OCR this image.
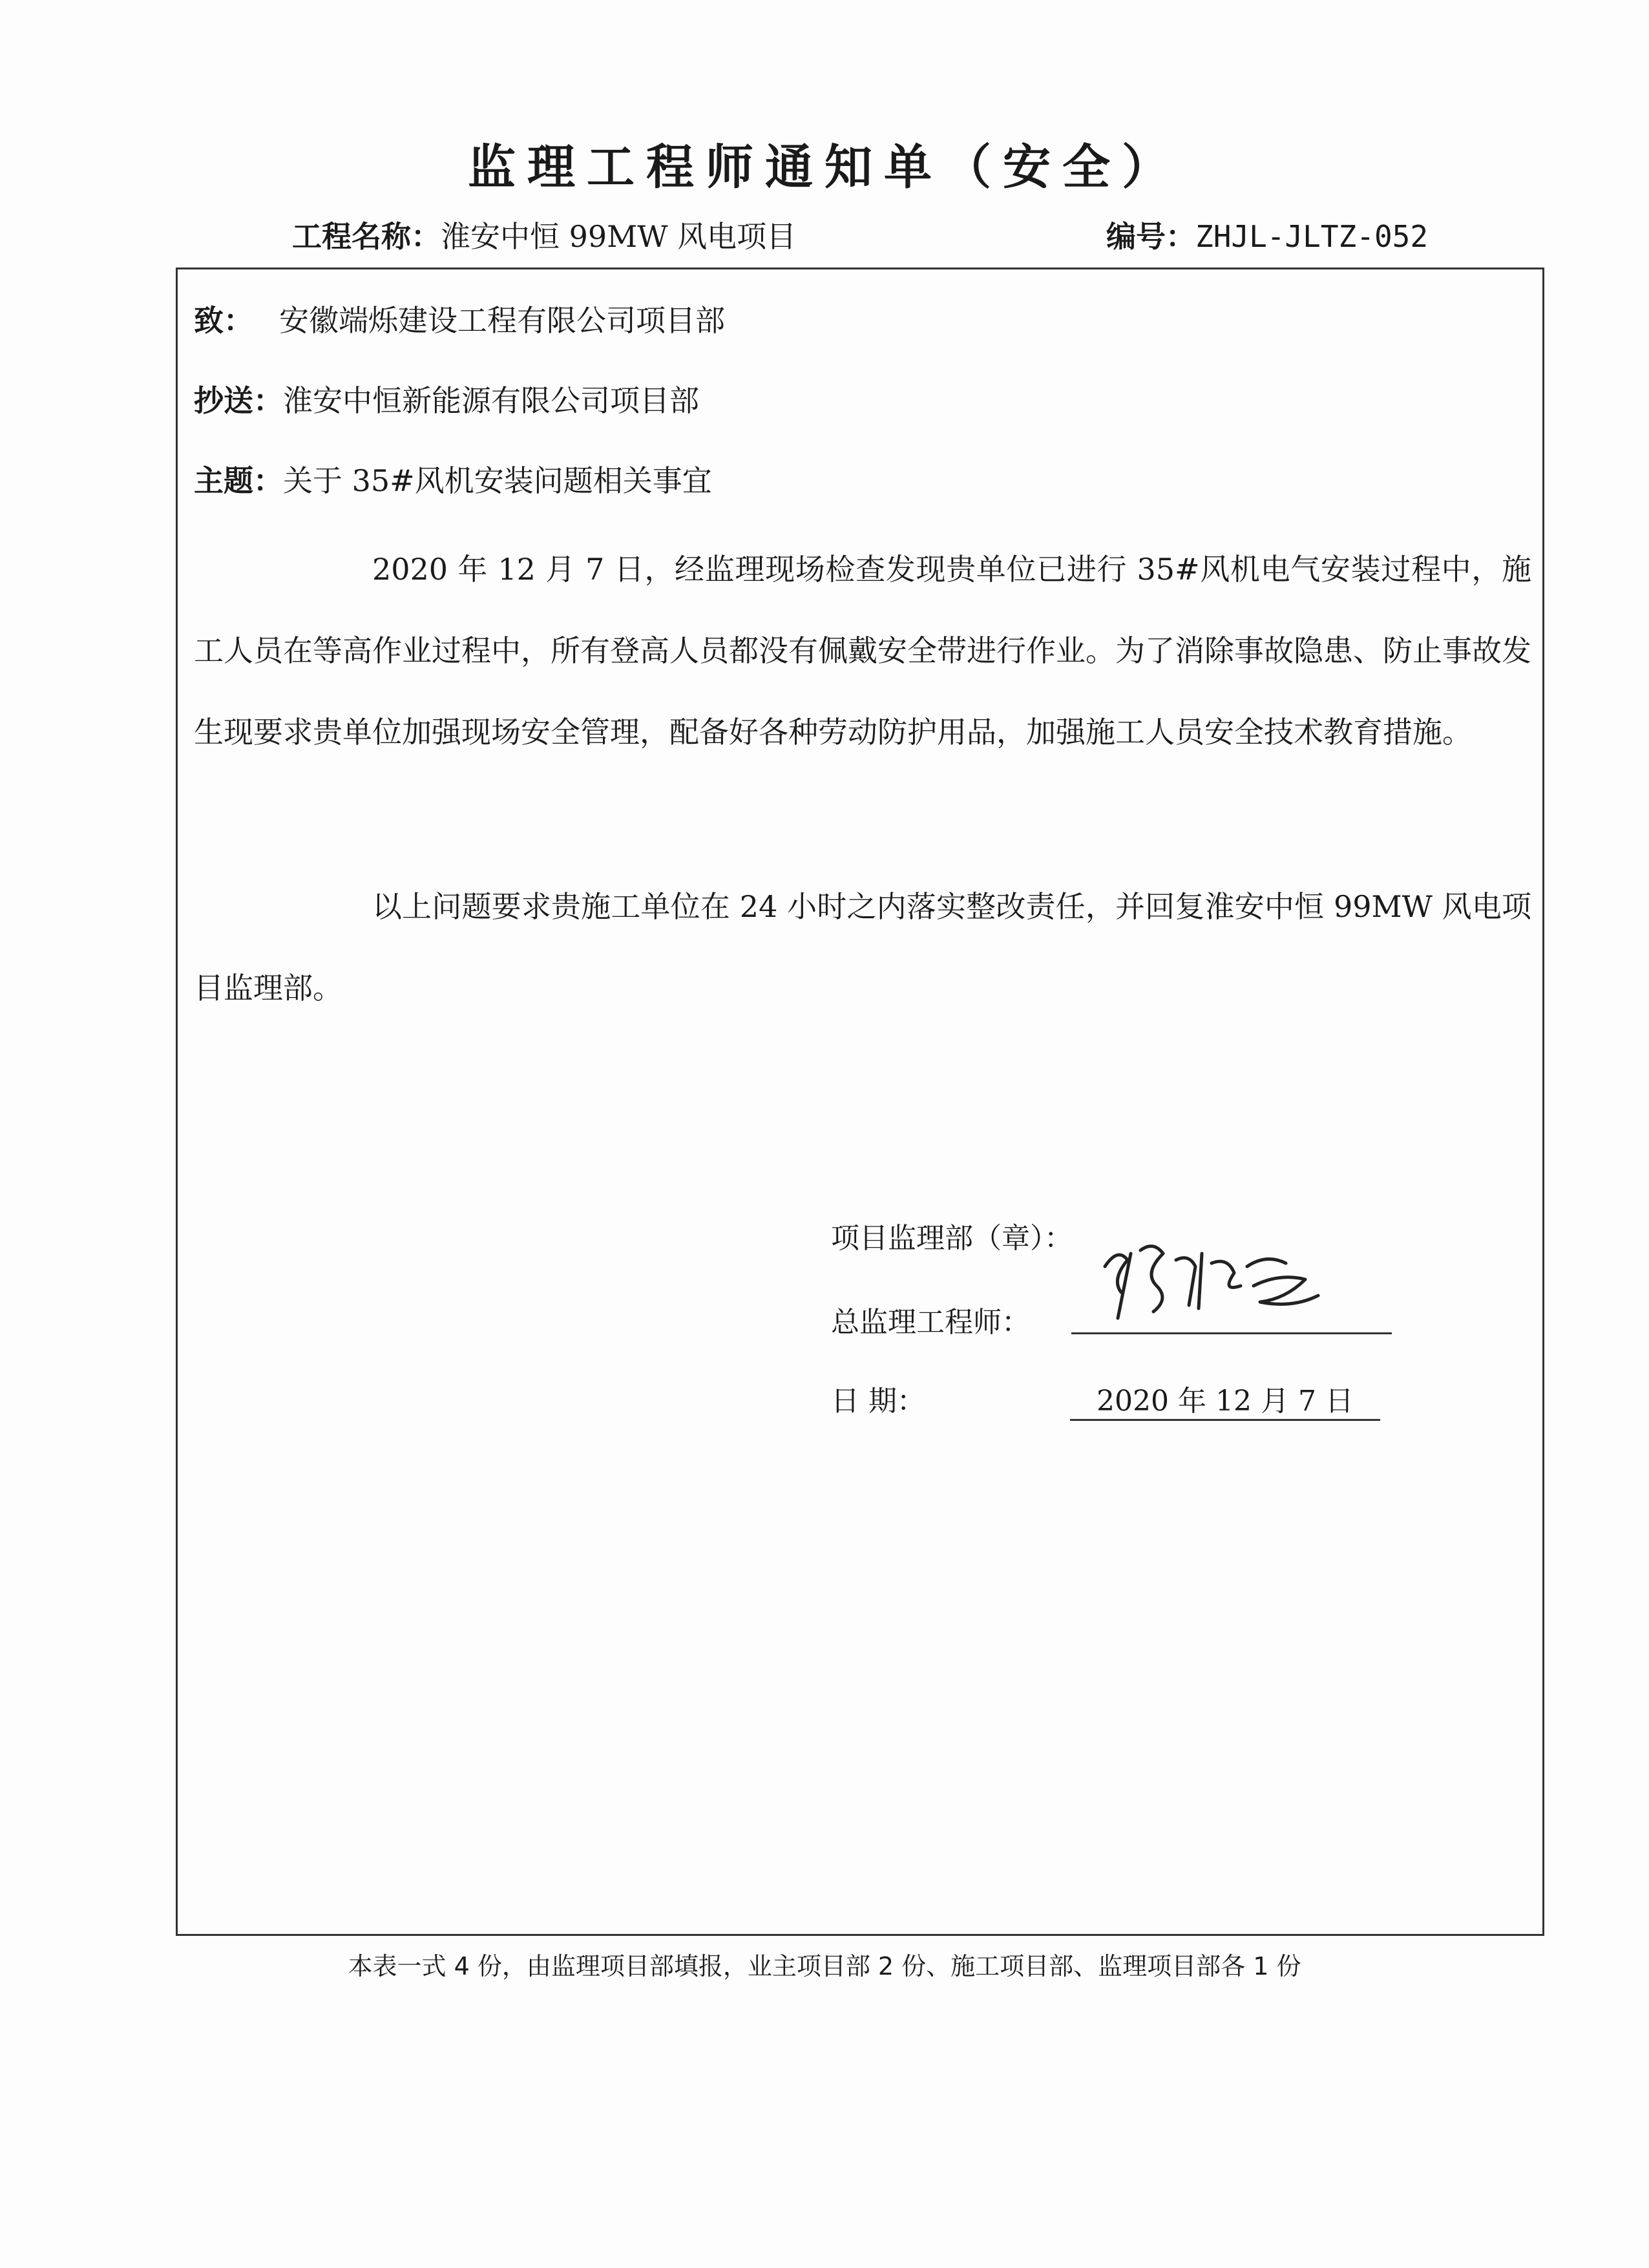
监理工程师通知单（安全）
工程名称：淮安中恒 99MW 风电项目	编号：ZHJL-JLTZ-052
致： 安徽端烁建设工程有限公司项目部
抄送：淮安中恒新能源有限公司项目部
主题：关于 35#风机安装问题相关事宜
2020 年 12 月 7 日，经监理现场检查发现贵单位已进行 35#风机电气安装过程中，施工人员在等高作业过程中，所有登高人员都没有佩戴安全带进行作业。为了消除事故隐患、防止事故发生现要求贵单位加强现场安全管理，配备好各种劳动防护用品，加强施工人员安全技术教育措施。
以上问题要求贵施工单位在 24 小时之内落实整改责任，并回复淮安中恒 99MW 风电项目监理部。
项目监理部（章）：
总监理工程师：
日 期：	2020 年 12 月 7 日
本表一式 4 份，由监理项目部填报，业主项目部 2 份、施工项目部、监理项目部各 1 份
